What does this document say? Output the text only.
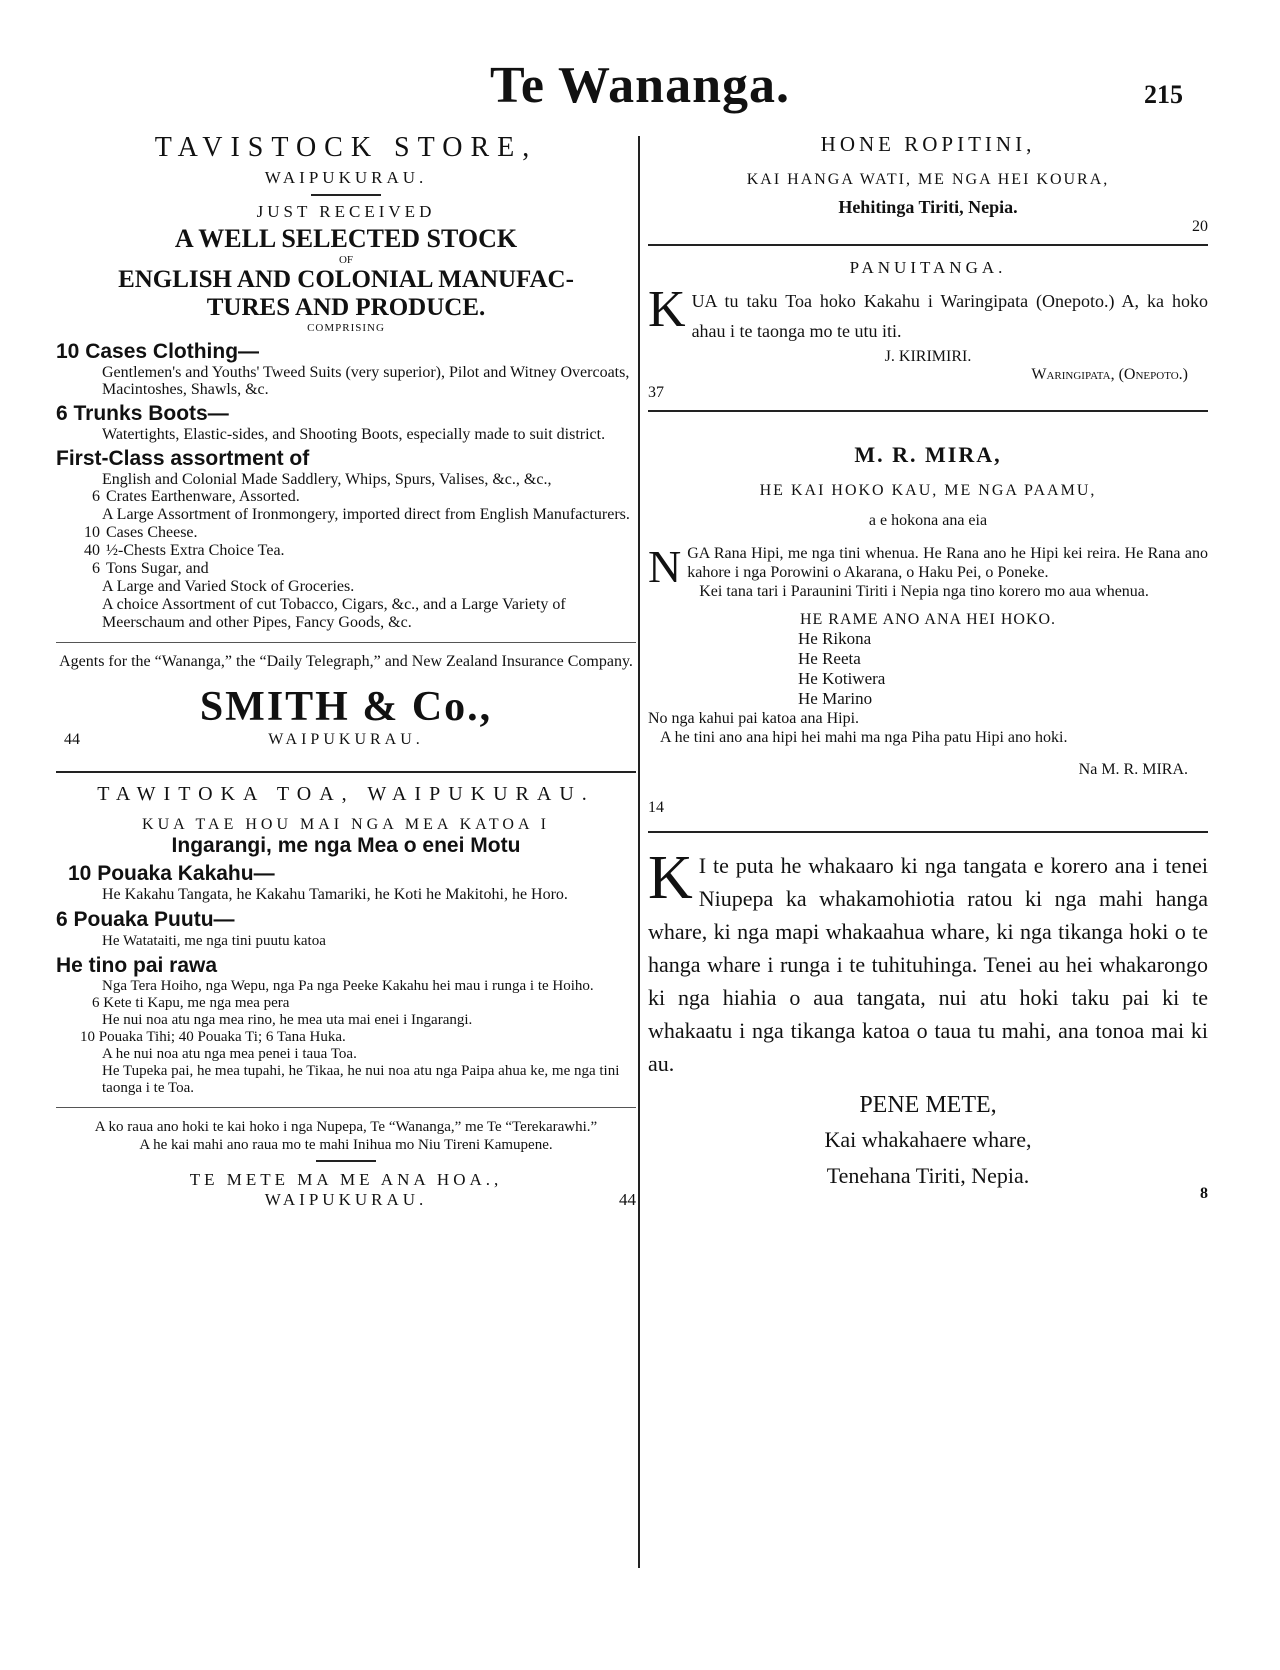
Te Wananga.	215
TAVISTOCK STORE,
WAIPUKURAU.
JUST RECEIVED
A WELL SELECTED STOCK
OF
ENGLISH AND COLONIAL MANUFAC-
TURES AND PRODUCE.
COMPRISING
10 Cases Clothing—

Gentlemen's and Youths' Tweed Suits (very superior), Pilot and Witney Overcoats, Macintoshes, Shawls, &c.

6 Trunks Boots—

Watertights, Elastic-sides, and Shooting Boots, especially made to suit district.

First-Class assortment of

English and Colonial Made Saddlery, Whips, Spurs, Valises, &c., &c.,

6 Crates Earthenware, Assorted.

A Large Assortment of Ironmongery, imported direct from English Manufacturers.

10 Cases Cheese.
40 ½-Chests Extra Choice Tea.
6 Tons Sugar, and

A Large and Varied Stock of Groceries.

A choice Assortment of cut Tobacco, Cigars, &c., and a Large Variety of Meerschaum and other Pipes, Fancy Goods, &c.

Agents for the “Wananga,” the “Daily Telegraph,” and New Zealand Insurance Company.

SMITH & Co.,
44	WAIPUKURAU.
TAWITOKA TOA, WAIPUKURAU.
KUA TAE HOU MAI NGA MEA KATOA I
Ingarangi, me nga Mea o enei Motu
10 Pouaka Kakahu—

He Kakahu Tangata, he Kakahu Tamariki, he Koti he Makitohi, he Horo.

6 Pouaka Puutu—

He Watataiti, me nga tini puutu katoa

He tino pai rawa

Nga Tera Hoiho, nga Wepu, nga Pa nga Peeke Kakahu hei mau i runga i te Hoiho.

6 Kete ti Kapu, me nga mea pera

He nui noa atu nga mea rino, he mea uta mai enei i Ingarangi.

10 Pouaka Tihi; 40 Pouaka Ti; 6 Tana Huka.

A he nui noa atu nga mea penei i taua Toa.

He Tupeka pai, he mea tupahi, he Tikaa, he nui noa atu nga Paipa ahua ke, me nga tini taonga i te Toa.

A ko raua ano hoki te kai hoko i nga Nupepa, Te “Wananga,” me Te “Terekarawhi.”

A he kai mahi ano raua mo te mahi Inihua mo Niu Tireni Kamupene.

TE METE MA ME ANA HOA.,
WAIPUKURAU.	44
HONE ROPITINI,
KAI HANGA WATI, ME NGA HEI KOURA,
Hehitinga Tiriti, Nepia.
20
PANUITANGA.
KUA tu taku Toa hoko Kakahu i Waringipata (Onepoto.) A, ka hoko ahau i te taonga mo te utu iti.
J. KIRIMIRI.
Waringipata, (Onepoto.)
37
M. R. MIRA,
HE KAI HOKO KAU, ME NGA PAAMU,
a e hokona ana eia
NGA Rana Hipi, me nga tini whenua. He Rana ano he Hipi kei reira. He Rana ano kahore i nga Porowini o Akarana, o Haku Pei, o Poneke.

Kei tana tari i Paraunini Tiriti i Nepia nga tino korero mo aua whenua.

HE RAME ANO ANA HEI HOKO.
He Rikona
He Reeta
He Kotiwera
He Marino

No nga kahui pai katoa ana Hipi.

A he tini ano ana hipi hei mahi ma nga Piha patu Hipi ano hoki.

Na M. R. MIRA.
14
K I te puta he whakaaro ki nga tangata e korero ana i tenei Niupepa ka whakamohiotia ratou ki nga mahi hanga whare, ki nga mapi whakaahua whare, ki nga tikanga hoki o te hanga whare i runga i te tuhituhinga. Tenei au hei whakarongo ki nga hiahia o aua tangata, nui atu hoki taku pai ki te whakaatu i nga tikanga katoa o taua tu mahi, ana tonoa mai ki au.
PENE METE,
Kai whakahaere whare,
Tenehana Tiriti, Nepia.
8
